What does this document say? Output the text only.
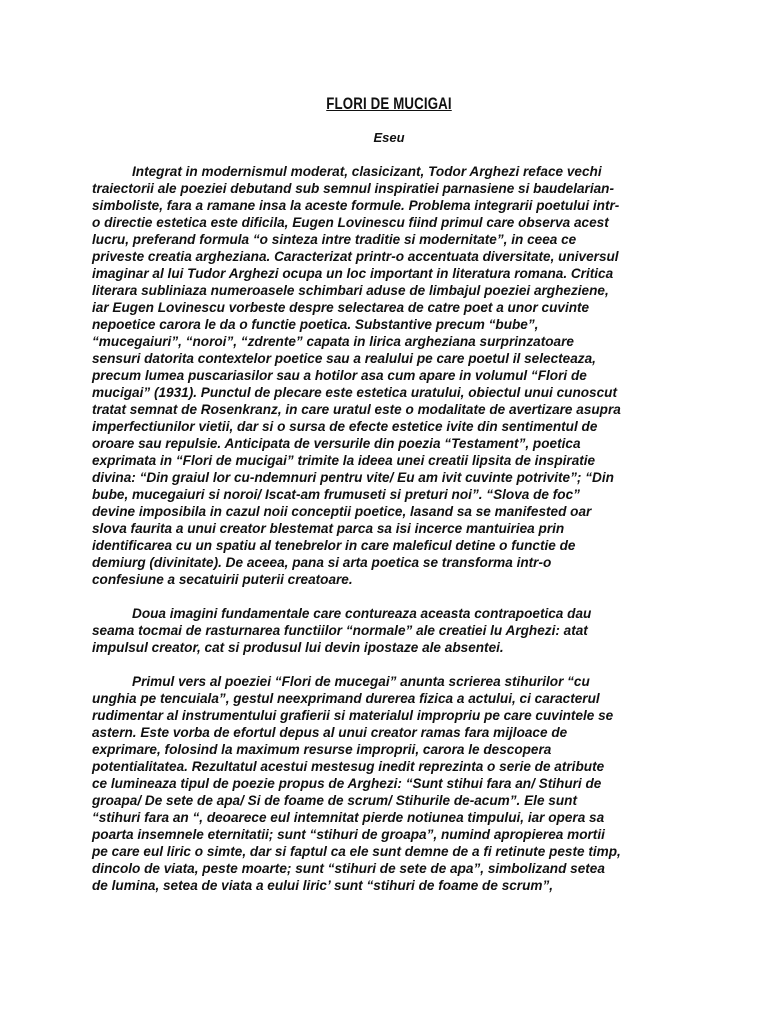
FLORI DE MUCIGAI
Eseu

Integrat in modernismul moderat, clasicizant, Todor Arghezi reface vechi
traiectorii ale poeziei debutand sub semnul inspiratiei parnasiene si baudelarian-
simboliste, fara a ramane insa la aceste formule. Problema integrarii poetului intr-
o directie estetica este dificila, Eugen Lovinescu fiind primul care observa acest
lucru, preferand formula “o sinteza intre traditie si modernitate”, in ceea ce
priveste creatia argheziana. Caracterizat printr-o accentuata diversitate, universul
imaginar al lui Tudor Arghezi ocupa un loc important in literatura romana. Critica
literara subliniaza numeroasele schimbari aduse de limbajul poeziei argheziene,
iar Eugen Lovinescu vorbeste despre selectarea de catre poet a unor cuvinte
nepoetice carora le da o functie poetica. Substantive precum “bube”,
“mucegaiuri”, “noroi”, “zdrente” capata in lirica argheziana surprinzatoare
sensuri datorita contextelor poetice sau a realului pe care poetul il selecteaza,
precum lumea puscariasilor sau a hotilor asa cum apare in volumul “Flori de
mucigai” (1931). Punctul de plecare este estetica uratului, obiectul unui cunoscut
tratat semnat de Rosenkranz, in care uratul este o modalitate de avertizare asupra
imperfectiunilor vietii, dar si o sursa de efecte estetice ivite din sentimentul de
oroare sau repulsie. Anticipata de versurile din poezia “Testament”, poetica
exprimata in “Flori de mucigai” trimite la ideea unei creatii lipsita de inspiratie
divina: “Din graiul lor cu-ndemnuri pentru vite/ Eu am ivit cuvinte potrivite”; “Din
bube, mucegaiuri si noroi/ Iscat-am frumuseti si preturi noi”. “Slova de foc”
devine imposibila in cazul noii conceptii poetice, lasand sa se manifested oar
slova faurita a unui creator blestemat parca sa isi incerce mantuiriea prin
identificarea cu un spatiu al tenebrelor in care maleficul detine o functie de
demiurg (divinitate). De aceea, pana si arta poetica se transforma intr-o
confesiune a secatuirii puterii creatoare.

Doua imagini fundamentale care contureaza aceasta contrapoetica dau
seama tocmai de rasturnarea functiilor “normale” ale creatiei lu Arghezi: atat
impulsul creator, cat si produsul lui devin ipostaze ale absentei.

Primul vers al poeziei “Flori de mucegai” anunta scrierea stihurilor “cu
unghia pe tencuiala”, gestul neexprimand durerea fizica a actului, ci caracterul
rudimentar al instrumentului grafierii si materialul impropriu pe care cuvintele se
astern. Este vorba de efortul depus al unui creator ramas fara mijloace de
exprimare, folosind la maximum resurse improprii, carora le descopera
potentialitatea. Rezultatul acestui mestesug inedit reprezinta o serie de atribute
ce lumineaza tipul de poezie propus de Arghezi: “Sunt stihui fara an/ Stihuri de
groapa/ De sete de apa/ Si de foame de scrum/ Stihurile de-acum”. Ele sunt
“stihuri fara an “, deoarece eul intemnitat pierde notiunea timpului, iar opera sa
poarta insemnele eternitatii; sunt “stihuri de groapa”, numind apropierea mortii
pe care eul liric o simte, dar si faptul ca ele sunt demne de a fi retinute peste timp,
dincolo de viata, peste moarte; sunt “stihuri de sete de apa”, simbolizand setea
de lumina, setea de viata a eului liric’ sunt “stihuri de foame de scrum”,
